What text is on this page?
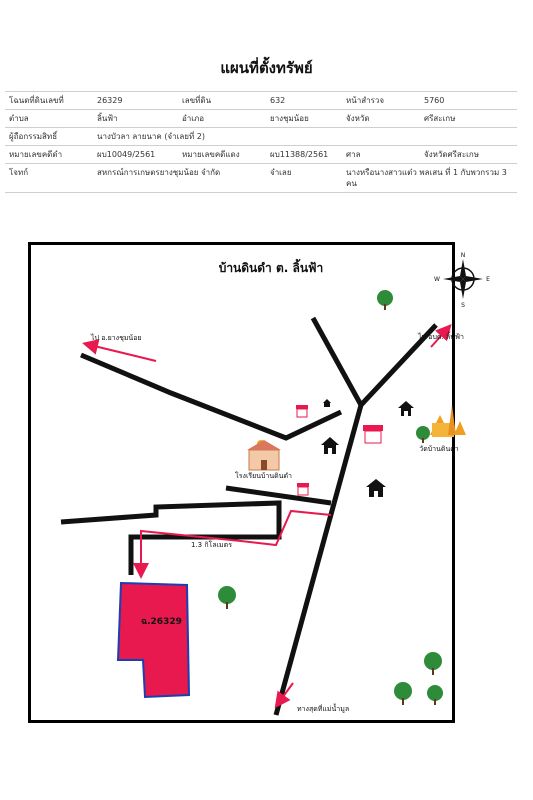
แผนที่ตั้งทรัพย์
โฉนดที่ดินเลขที่	26329	เลขที่ดิน	632	หน้าสำรวจ	5760
ตำบล	ลิ้นฟ้า	อำเภอ	ยางชุมน้อย	จังหวัด	ศรีสะเกษ
ผู้ถือกรรมสิทธิ์	นางบัวลา ลายนาค (จำเลยที่ 2)				
หมายเลขคดีดำ	ผบ10049/2561	หมายเลขคดีแดง	ผบ11388/2561	ศาล	จังหวัดศรีสะเกษ
โจทก์	สหกรณ์การเกษตรยางชุมน้อย จำกัด		จำเลย	นางหรือนางสาวแต๋ว พลเสน ที่ 1 กับพวกรวม 3 คน	
บ้านดินดำ ต. ลิ้นฟ้า
ไป อ.ยางชุมน้อย	ไป อบต. ลิ้นฟ้า
โรงเรียนบ้านดินดำ
วัดบ้านดินดำ
1.3 กิโลเมตร
ทางสุดที่แม่น้ำมูล
ฉ.26329
N
S
W	E
